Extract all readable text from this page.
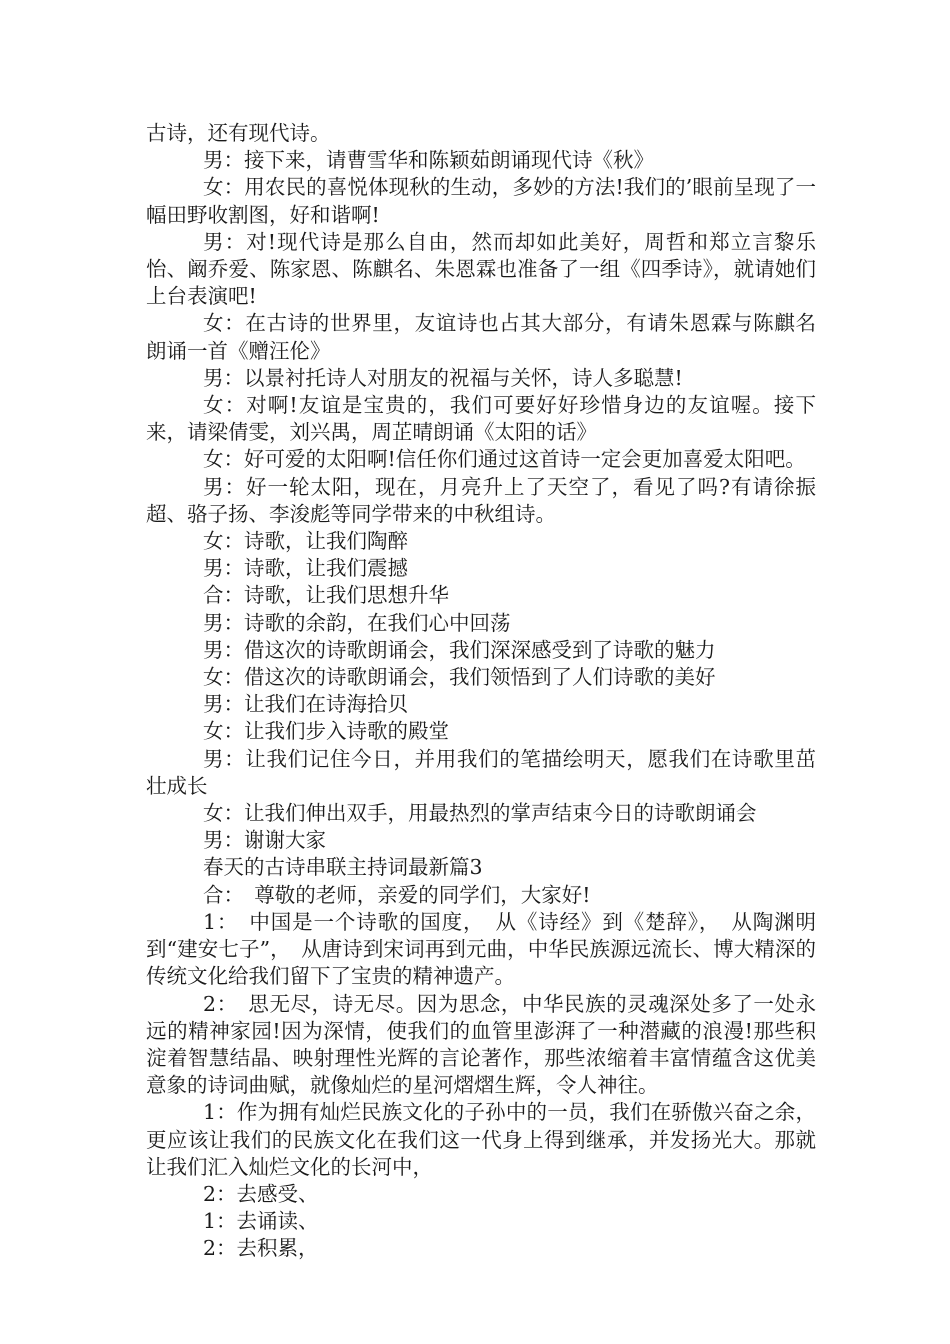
古诗，还有现代诗。

男：接下来，请曹雪华和陈颖茹朗诵现代诗《秋》

女：用农民的喜悦体现秋的生动，多妙的方法!我们的’眼前呈现了一幅田野收割图，好和谐啊!

男：对!现代诗是那么自由，然而却如此美好，周哲和郑立言黎乐怡、阚乔爱、陈家恩、陈麒名、朱恩霖也准备了一组《四季诗》，就请她们上台表演吧!

女：在古诗的世界里，友谊诗也占其大部分，有请朱恩霖与陈麒名朗诵一首《赠汪伦》

男：以景衬托诗人对朋友的祝福与关怀，诗人多聪慧!

女：对啊!友谊是宝贵的，我们可要好好珍惜身边的友谊喔。接下来，请梁倩雯，刘兴禺，周芷晴朗诵《太阳的话》

女：好可爱的太阳啊!信任你们通过这首诗一定会更加喜爱太阳吧。

男：好一轮太阳，现在，月亮升上了天空了，看见了吗?有请徐振超、骆子扬、李浚彪等同学带来的中秋组诗。

女：诗歌，让我们陶醉

男：诗歌，让我们震撼

合：诗歌，让我们思想升华

男：诗歌的余韵，在我们心中回荡

男：借这次的诗歌朗诵会，我们深深感受到了诗歌的魅力

女：借这次的诗歌朗诵会，我们领悟到了人们诗歌的美好

男：让我们在诗海拾贝

女：让我们步入诗歌的殿堂

男：让我们记住今日，并用我们的笔描绘明天，愿我们在诗歌里茁壮成长

女：让我们伸出双手，用最热烈的掌声结束今日的诗歌朗诵会

男：谢谢大家

春天的古诗串联主持词最新篇3

合：　尊敬的老师，亲爱的同学们，大家好!

1：　中国是一个诗歌的国度，　从《诗经》到《楚辞》，　从陶渊明到“建安七子”，　从唐诗到宋词再到元曲，中华民族源远流长、博大精深的传统文化给我们留下了宝贵的精神遗产。

2：　思无尽，诗无尽。因为思念，中华民族的灵魂深处多了一处永远的精神家园!因为深情，使我们的血管里澎湃了一种潜藏的浪漫!那些积淀着智慧结晶、映射理性光辉的言论著作，那些浓缩着丰富情蕴含这优美意象的诗词曲赋，就像灿烂的星河熠熠生辉，令人神往。

1：作为拥有灿烂民族文化的子孙中的一员，我们在骄傲兴奋之余，更应该让我们的民族文化在我们这一代身上得到继承，并发扬光大。那就让我们汇入灿烂文化的长河中，

2：去感受、

1：去诵读、

2：去积累，
